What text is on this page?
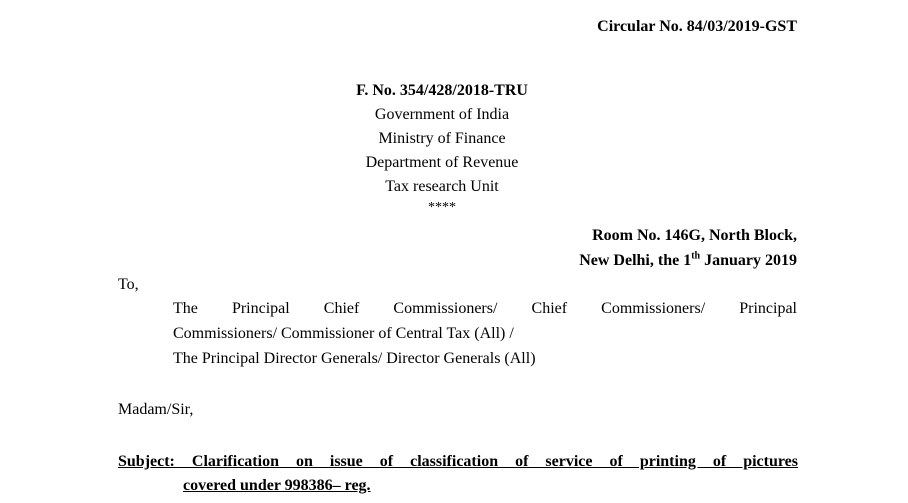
Circular No. 84/03/2019-GST
F. No. 354/428/2018-TRU
Government of India
Ministry of Finance
Department of Revenue
Tax research Unit
****
Room No. 146G, North Block,
New Delhi, the 1th January 2019
To,
The Principal Chief Commissioners/ Chief Commissioners/ Principal
Commissioners/ Commissioner of Central Tax (All) /
The Principal Director Generals/ Director Generals (All)
Madam/Sir,
Subject: Clarification on issue of classification of service of printing of pictures
covered under 998386– reg.
